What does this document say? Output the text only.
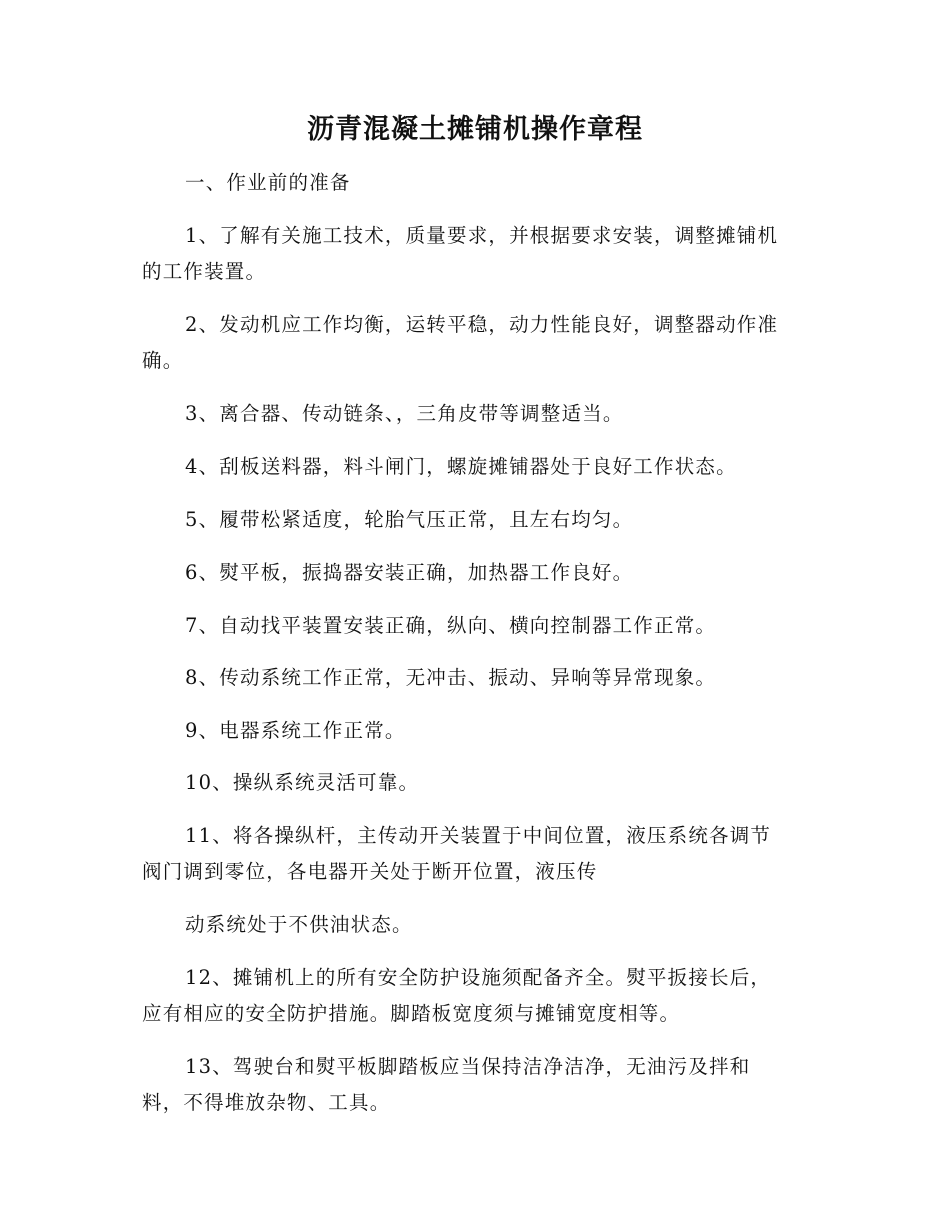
沥青混凝土摊铺机操作章程
一、作业前的准备
1、了解有关施工技术，质量要求，并根据要求安装，调整摊铺机
的工作装置。
2、发动机应工作均衡，运转平稳，动力性能良好，调整器动作准
确。
3、离合器、传动链条、，三角皮带等调整适当。
4、刮板送料器，料斗闸门，螺旋摊铺器处于良好工作状态。
5、履带松紧适度，轮胎气压正常，且左右均匀。
6、熨平板，振捣器安装正确，加热器工作良好。
7、自动找平装置安装正确，纵向、横向控制器工作正常。
8、传动系统工作正常，无冲击、振动、异响等异常现象。
9、电器系统工作正常。
10、操纵系统灵活可靠。
11、将各操纵杆，主传动开关装置于中间位置，液压系统各调节
阀门调到零位，各电器开关处于断开位置，液压传
动系统处于不供油状态。
12、摊铺机上的所有安全防护设施须配备齐全。熨平扳接长后，
应有相应的安全防护措施。脚踏板宽度须与摊铺宽度相等。
13、驾驶台和熨平板脚踏板应当保持洁净洁净，无油污及拌和
料，不得堆放杂物、工具。
